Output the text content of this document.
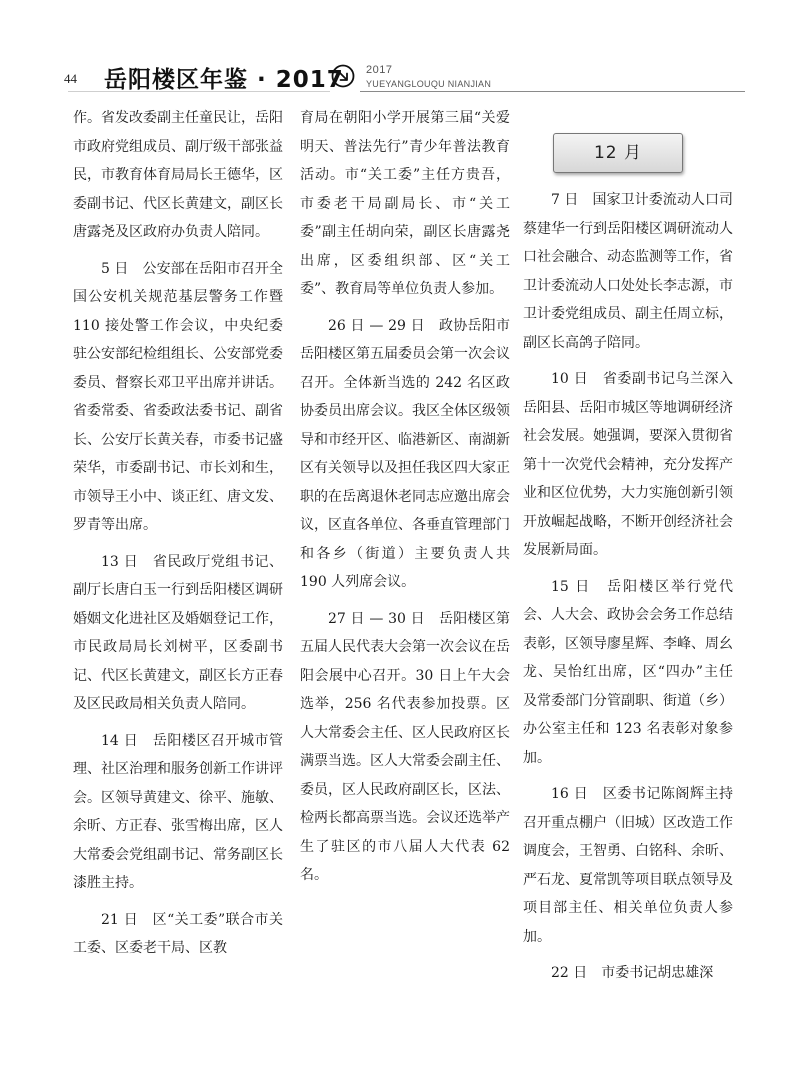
44 岳阳楼区年鉴 · 2017 2017
YUEYANGLOUQU NIANJIAN

作。省发改委副主任童民让，岳阳市政府党组成员、副厅级干部张益民，市教育体育局局长王德华，区委副书记、代区长黄建文，副区长唐露尧及区政府办负责人陪同。

5 日　公安部在岳阳市召开全国公安机关规范基层警务工作暨 110 接处警工作会议，中央纪委驻公安部纪检组组长、公安部党委委员、督察长邓卫平出席并讲话。省委常委、省委政法委书记、副省长、公安厅长黄关春，市委书记盛荣华，市委副书记、市长刘和生，市领导王小中、谈正红、唐文发、罗青等出席。

13 日　省民政厅党组书记、副厅长唐白玉一行到岳阳楼区调研婚姻文化进社区及婚姻登记工作，市民政局局长刘树平，区委副书记、代区长黄建文，副区长方正春及区民政局相关负责人陪同。

14 日　岳阳楼区召开城市管理、社区治理和服务创新工作讲评会。区领导黄建文、徐平、施敏、余昕、方正春、张雪梅出席，区人大常委会党组副书记、常务副区长漆胜主持。

21 日　区“关工委”联合市关工委、区委老干局、区教

育局在朝阳小学开展第三届“关爱明天、普法先行”青少年普法教育活动。市“关工委”主任方贵吾，市委老干局副局长、市“关工委”副主任胡向荣，副区长唐露尧出席，区委组织部、区“关工委”、教育局等单位负责人参加。

26 日 — 29 日　政协岳阳市岳阳楼区第五届委员会第一次会议召开。全体新当选的 242 名区政协委员出席会议。我区全体区级领导和市经开区、临港新区、南湖新区有关领导以及担任我区四大家正职的在岳离退休老同志应邀出席会议，区直各单位、各垂直管理部门和各乡（街道）主要负责人共 190 人列席会议。

27 日 — 30 日　岳阳楼区第五届人民代表大会第一次会议在岳阳会展中心召开。30 日上午大会选举，256 名代表参加投票。区人大常委会主任、区人民政府区长满票当选。区人大常委会副主任、委员，区人民政府副区长，区法、检两长都高票当选。会议还选举产生了驻区的市八届人大代表 62 名。

12 月

7 日　国家卫计委流动人口司蔡建华一行到岳阳楼区调研流动人口社会融合、动态监测等工作，省卫计委流动人口处处长李志源，市卫计委党组成员、副主任周立标，副区长高鸽子陪同。

10 日　省委副书记乌兰深入岳阳县、岳阳市城区等地调研经济社会发展。她强调，要深入贯彻省第十一次党代会精神，充分发挥产业和区位优势，大力实施创新引领开放崛起战略，不断开创经济社会发展新局面。

15 日　岳阳楼区举行党代会、人大会、政协会会务工作总结表彰，区领导廖星辉、李峰、周幺龙、吴怡红出席，区“四办”主任及常委部门分管副职、街道（乡）办公室主任和 123 名表彰对象参加。

16 日　区委书记陈阁辉主持召开重点棚户（旧城）区改造工作调度会，王智勇、白铭科、余昕、严石龙、夏常凯等项目联点领导及项目部主任、相关单位负责人参加。

22 日　市委书记胡忠雄深
